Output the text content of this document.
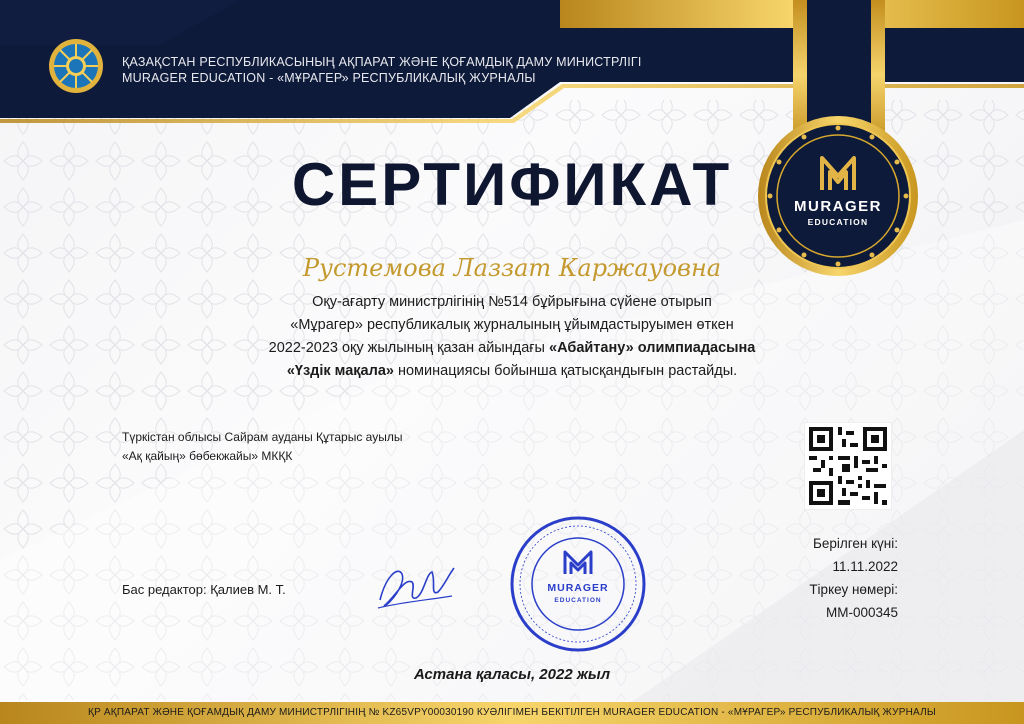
ҚАЗАҚСТАН РЕСПУБЛИКАСЫНЫҢ АҚПАРАТ ЖӘНЕ ҚОҒАМДЫҚ ДАМУ МИНИСТРЛІГІ
MURAGER EDUCATION - «МҰРАГЕР» РЕСПУБЛИКАЛЫҚ ЖУРНАЛЫ
MURAGER
EDUCATION
СЕРТИФИКАТ
Рустемова Лаззат Каржауовна
Оқу-ағарту министрлігінің №514 бұйрығына сүйене отырып
«Мұрагер» республикалық журналының ұйымдастыруымен өткен
2022-2023 оқу жылының қазан айындағы «Абайтану» олимпиадасына
«Үздік мақала» номинациясы бойынша қатысқандығын растайды.
Түркістан облысы Сайрам ауданы Құтарыс ауылы
«Ақ қайың» бөбекжайы» МКҚК
Бас редактор: Қалиев М. Т.	MURAGER
EDUCATION
Берілген күні:
11.11.2022
Тіркеу нөмері:
ММ-000345
Астана қаласы, 2022 жыл
ҚР АҚПАРАТ ЖӘНЕ ҚОҒАМДЫҚ ДАМУ МИНИСТРЛІГІНІҢ № KZ65VPY00030190 КУӘЛІГІМЕН БЕКІТІЛГЕН MURAGER EDUCATION - «МҰРАГЕР» РЕСПУБЛИКАЛЫҚ ЖУРНАЛЫ
